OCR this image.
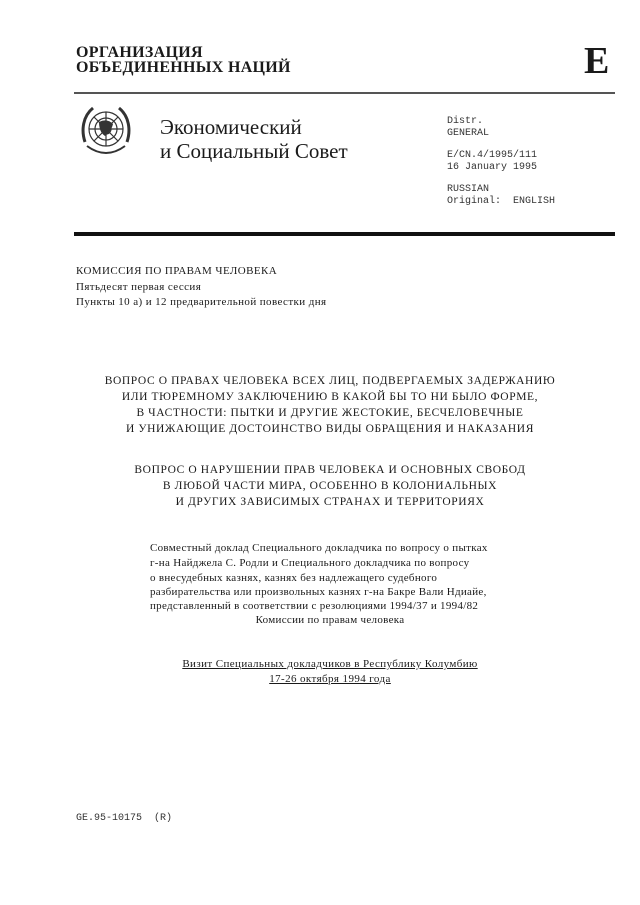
ОРГАНИЗАЦИЯ
ОБЪЕДИНЕННЫХ НАЦИЙ	E
Экономический
и Социальный Совет
Distr.
GENERAL
E/CN.4/1995/111
16 January 1995
RUSSIAN
Original:  ENGLISH
КОМИССИЯ ПО ПРАВАМ ЧЕЛОВЕКА
Пятьдесят первая сессия
Пункты 10 а) и 12 предварительной повестки дня
ВОПРОС О ПРАВАХ ЧЕЛОВЕКА ВСЕХ ЛИЦ, ПОДВЕРГАЕМЫХ ЗАДЕРЖАНИЮ
ИЛИ ТЮРЕМНОМУ ЗАКЛЮЧЕНИЮ В КАКОЙ БЫ ТО НИ БЫЛО ФОРМЕ,
В ЧАСТНОСТИ: ПЫТКИ И ДРУГИЕ ЖЕСТОКИЕ, БЕСЧЕЛОВЕЧНЫЕ
И УНИЖАЮЩИЕ ДОСТОИНСТВО ВИДЫ ОБРАЩЕНИЯ И НАКАЗАНИЯ
ВОПРОС О НАРУШЕНИИ ПРАВ ЧЕЛОВЕКА И ОСНОВНЫХ СВОБОД
В ЛЮБОЙ ЧАСТИ МИРА, ОСОБЕННО В КОЛОНИАЛЬНЫХ
И ДРУГИХ ЗАВИСИМЫХ СТРАНАХ И ТЕРРИТОРИЯХ
Совместный доклад Специального докладчика по вопросу о пытках
г-на Найджела С. Родли и Специального докладчика по вопросу
о внесудебных казнях, казнях без надлежащего судебного
разбирательства или произвольных казнях г-на Бакре Вали Ндиайе,
представленный в соответствии с резолюциями 1994/37 и 1994/82
Комиссии по правам человека
Визит Специальных докладчиков в Республику Колумбию
17-26 октября 1994 года
GE.95-10175  (R)
